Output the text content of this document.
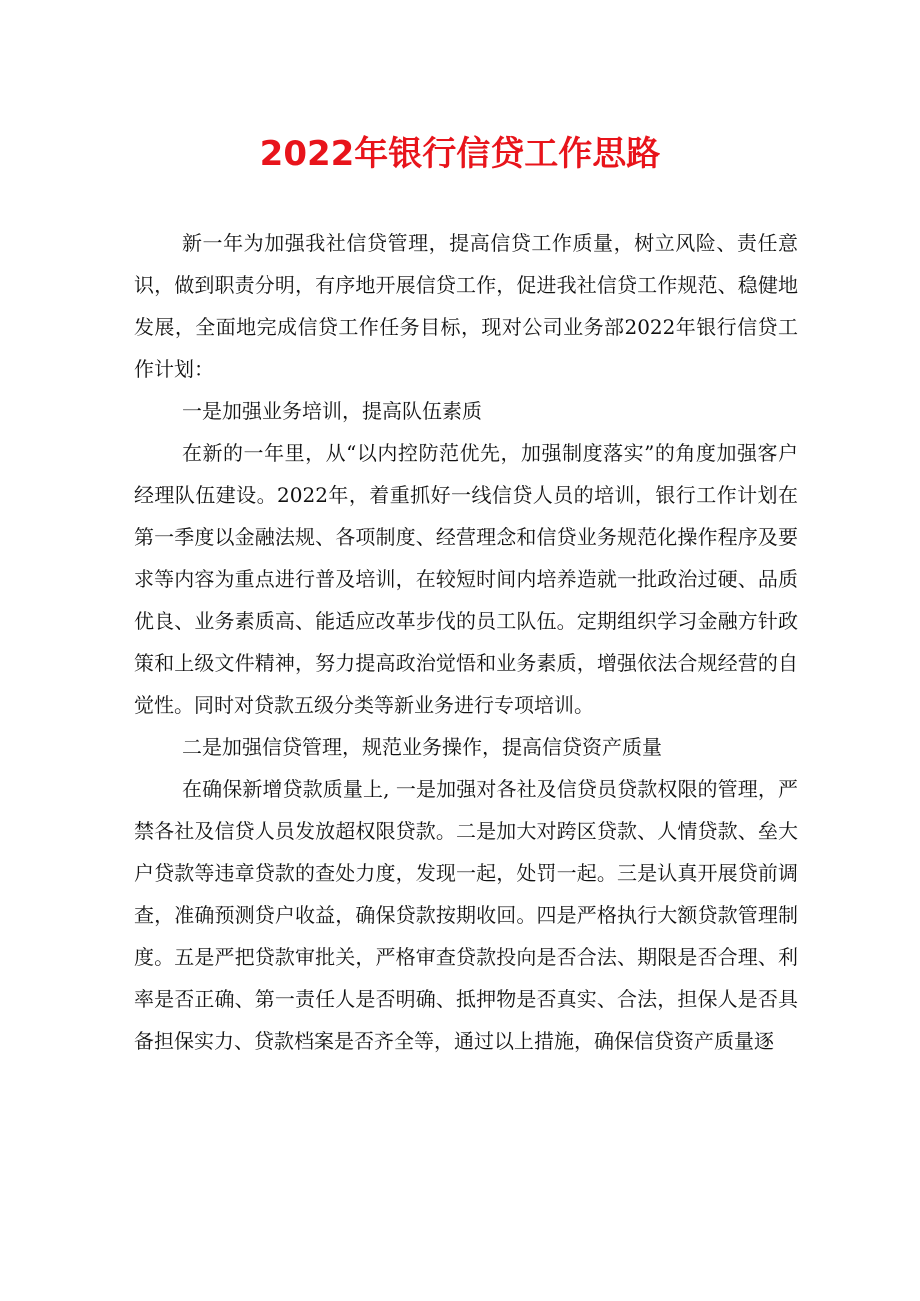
2022年银行信贷工作思路

新一年为加强我社信贷管理，提高信贷工作质量，树立风险、责任意识，做到职责分明，有序地开展信贷工作，促进我社信贷工作规范、稳健地发展，全面地完成信贷工作任务目标，现对公司业务部2022年银行信贷工作计划：

一是加强业务培训，提高队伍素质

在新的一年里，从“以内控防范优先，加强制度落实”的角度加强客户经理队伍建设。2022年，着重抓好一线信贷人员的培训，银行工作计划在第一季度以金融法规、各项制度、经营理念和信贷业务规范化操作程序及要求等内容为重点进行普及培训，在较短时间内培养造就一批政治过硬、品质优良、业务素质高、能适应改革步伐的员工队伍。定期组织学习金融方针政策和上级文件精神，努力提高政治觉悟和业务素质，增强依法合规经营的自觉性。同时对贷款五级分类等新业务进行专项培训。

二是加强信贷管理，规范业务操作，提高信贷资产质量

在确保新增贷款质量上, 一是加强对各社及信贷员贷款权限的管理，严禁各社及信贷人员发放超权限贷款。二是加大对跨区贷款、人情贷款、垒大户贷款等违章贷款的查处力度，发现一起，处罚一起。三是认真开展贷前调查，准确预测贷户收益，确保贷款按期收回。四是严格执行大额贷款管理制度。五是严把贷款审批关，严格审查贷款投向是否合法、期限是否合理、利率是否正确、第一责任人是否明确、抵押物是否真实、合法，担保人是否具备担保实力、贷款档案是否齐全等，通过以上措施，确保信贷资产质量逐
